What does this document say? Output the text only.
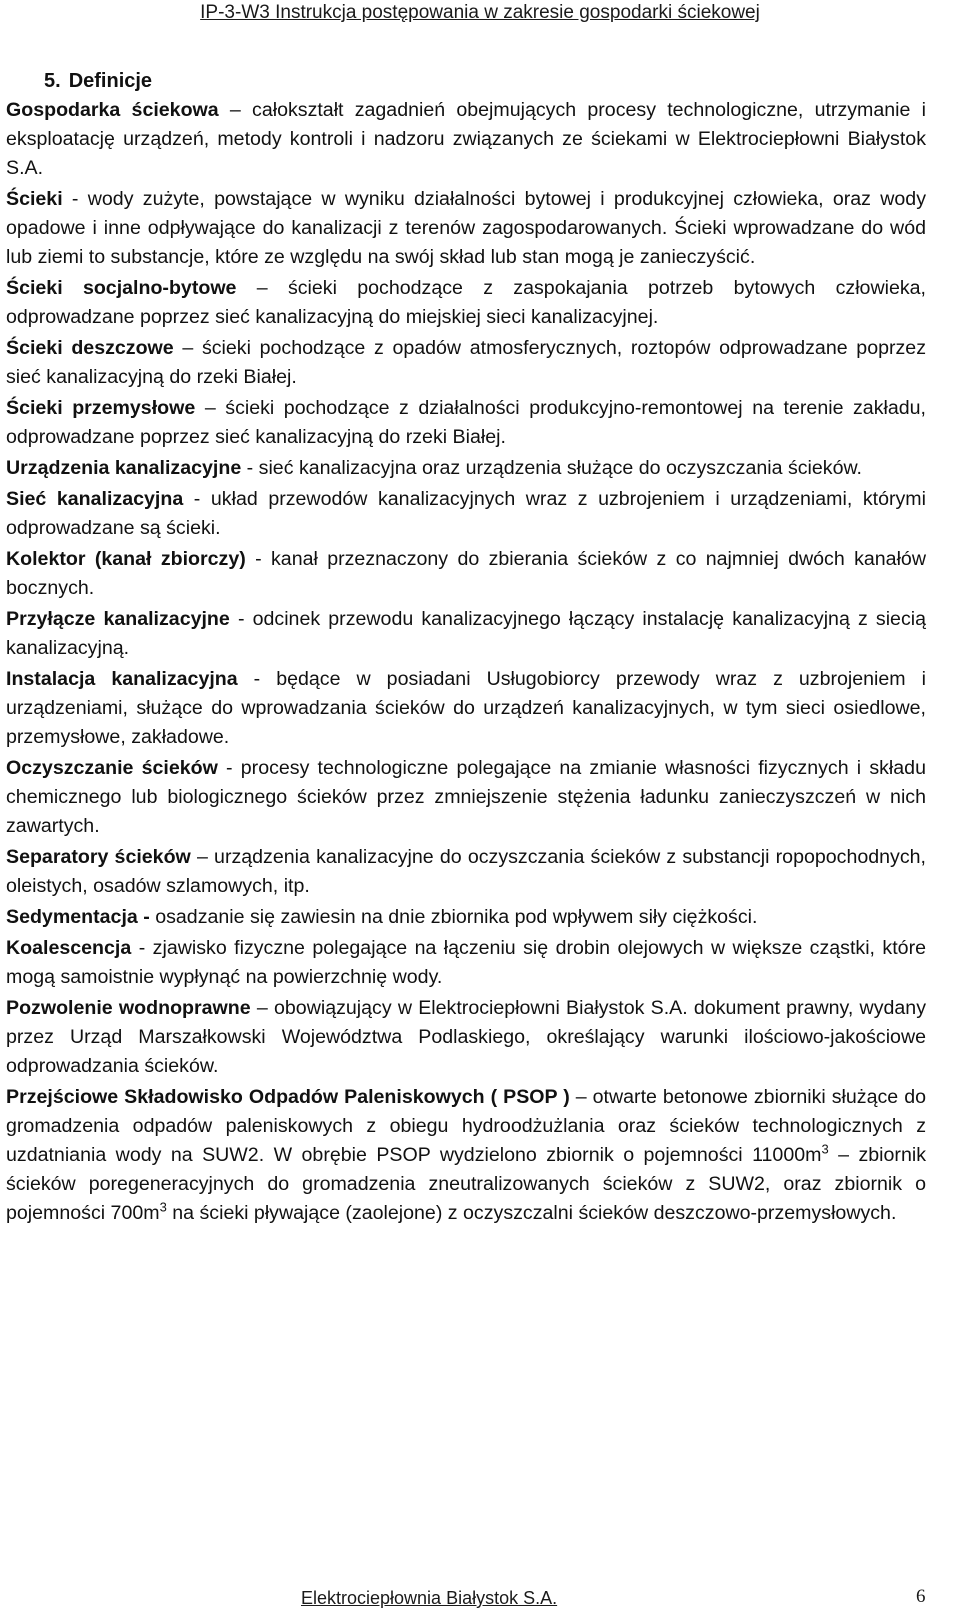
IP-3-W3 Instrukcja postępowania w zakresie gospodarki ściekowej
5. Definicje
Gospodarka ściekowa – całokształt zagadnień obejmujących procesy technologiczne, utrzymanie i eksploatację urządzeń, metody kontroli i nadzoru związanych ze ściekami w Elektrociepłowni Białystok S.A.
Ścieki - wody zużyte, powstające w wyniku działalności bytowej i produkcyjnej człowieka, oraz wody opadowe i inne odpływające do kanalizacji z terenów zagospodarowanych. Ścieki wprowadzane do wód lub ziemi to substancje, które ze względu na swój skład lub stan mogą je zanieczyścić.
Ścieki socjalno-bytowe – ścieki pochodzące z zaspokajania potrzeb bytowych człowieka, odprowadzane poprzez sieć kanalizacyjną do miejskiej sieci kanalizacyjnej.
Ścieki deszczowe – ścieki pochodzące z opadów atmosferycznych, roztopów odprowadzane poprzez sieć kanalizacyjną do rzeki Białej.
Ścieki przemysłowe – ścieki pochodzące z działalności produkcyjno-remontowej na terenie zakładu, odprowadzane poprzez sieć kanalizacyjną do rzeki Białej.
Urządzenia kanalizacyjne - sieć kanalizacyjna oraz urządzenia służące do oczyszczania ścieków.
Sieć kanalizacyjna - układ przewodów kanalizacyjnych wraz z uzbrojeniem i urządzeniami, którymi odprowadzane są ścieki.
Kolektor (kanał zbiorczy) - kanał przeznaczony do zbierania ścieków z co najmniej dwóch kanałów bocznych.
Przyłącze kanalizacyjne - odcinek przewodu kanalizacyjnego łączący instalację kanalizacyjną z siecią kanalizacyjną.
Instalacja kanalizacyjna - będące w posiadani Usługobiorcy przewody wraz z uzbrojeniem i urządzeniami, służące do wprowadzania ścieków do urządzeń kanalizacyjnych, w tym sieci osiedlowe, przemysłowe, zakładowe.
Oczyszczanie ścieków - procesy technologiczne polegające na zmianie własności fizycznych i składu chemicznego lub biologicznego ścieków przez zmniejszenie stężenia ładunku zanieczyszczeń w nich zawartych.
Separatory ścieków – urządzenia kanalizacyjne do oczyszczania ścieków z substancji ropopochodnych, oleistych, osadów szlamowych, itp.
Sedymentacja - osadzanie się zawiesin na dnie zbiornika pod wpływem siły ciężkości.
Koalescencja - zjawisko fizyczne polegające na łączeniu się drobin olejowych w większe cząstki, które mogą samoistnie wypłynąć na powierzchnię wody.
Pozwolenie wodnoprawne – obowiązujący w Elektrociepłowni Białystok S.A. dokument prawny, wydany przez Urząd Marszałkowski Województwa Podlaskiego, określający warunki ilościowo-jakościowe odprowadzania ścieków.
Przejściowe Składowisko Odpadów Paleniskowych ( PSOP ) – otwarte betonowe zbiorniki służące do gromadzenia odpadów paleniskowych z obiegu hydroodżużlania oraz ścieków technologicznych z uzdatniania wody na SUW2. W obrębie PSOP wydzielono zbiornik o pojemności $11000m^3$ – zbiornik ścieków poregeneracyjnych do gromadzenia zneutralizowanych ścieków z SUW2, oraz zbiornik o pojemności $700m^3$ na ścieki pływające (zaolejone) z oczyszczalni ścieków deszczowo-przemysłowych.
Elektrociepłownia Białystok S.A.	6
